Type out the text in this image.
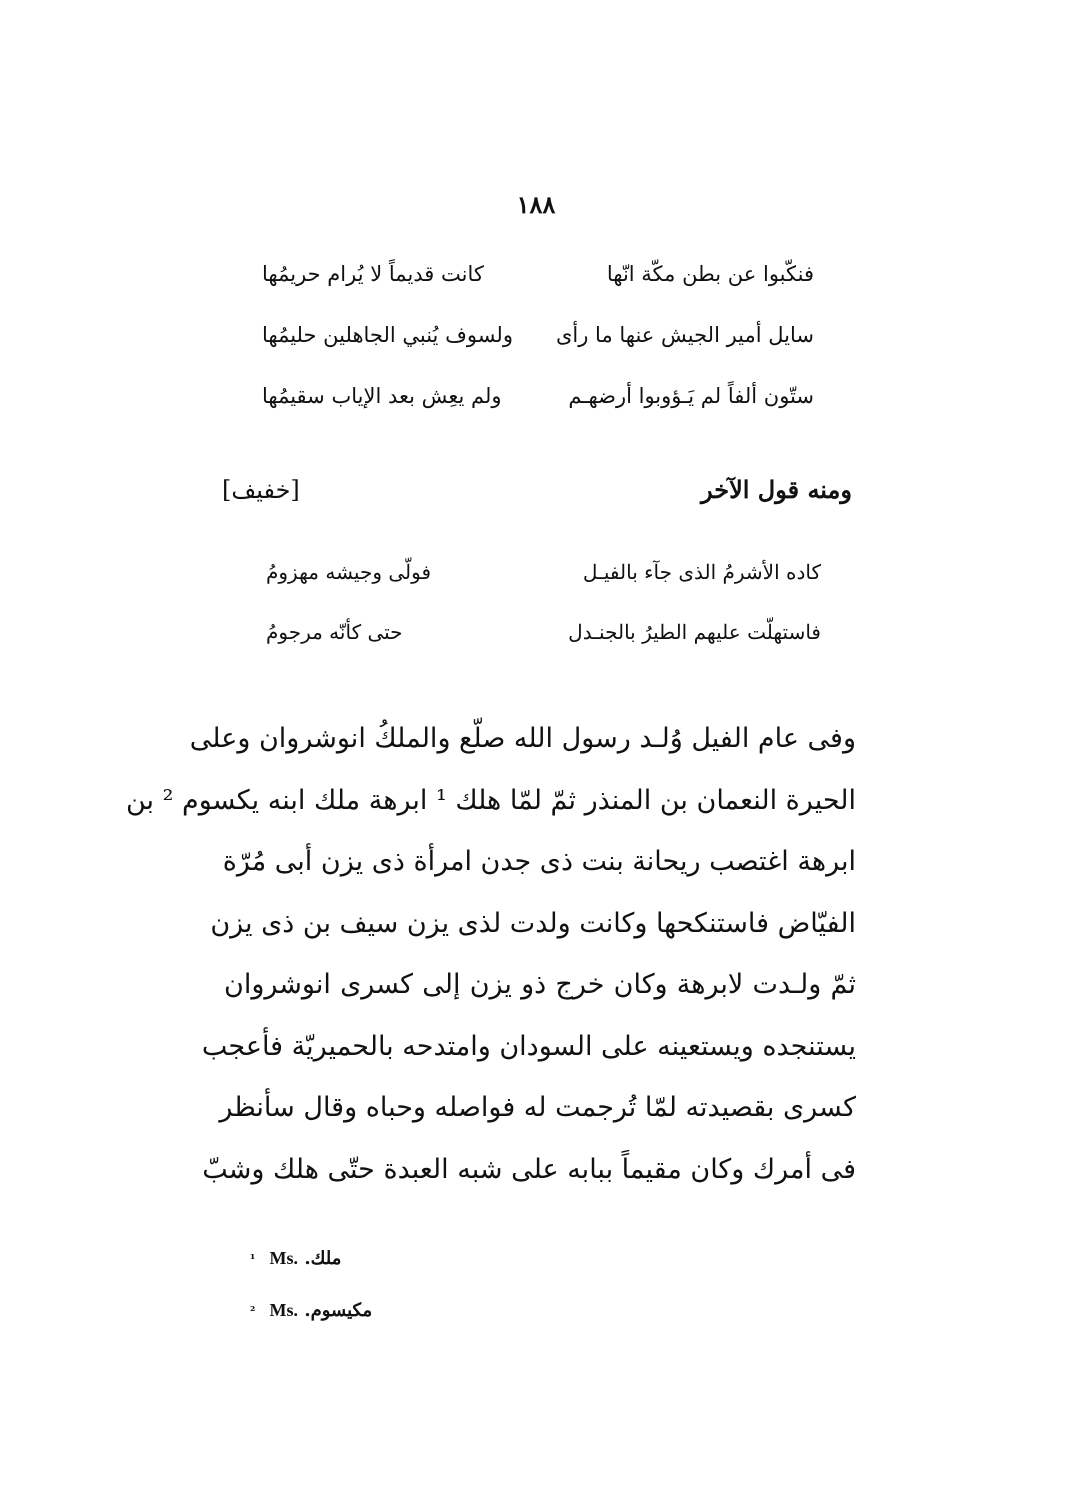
١٨٨
فنكّبوا عن بطن مكّة انّها
كانت قديماً لا يُرام حريمُها
سايل أمير الجيش عنها ما رأى
ولسوف يُنبي الجاهلين حليمُها
ستّون ألفاً لم يَـؤوبوا أرضهـم
ولم يعِش بعد الإياب سقيمُها
ومنه قول الآخر
[خفيف]
كاده الأشرمُ الذى جآء بالفيـل
فولّى وجيشه مهزومُ
فاستهلّت عليهم الطيرُ بالجنـدل
حتى كأنّه مرجومُ
وفى عام الفيل وُلـد رسول الله صلّع والملكُ انوشروان وعلى
الحيرة النعمان بن المنذر ثمّ لمّا هلك ¹ ابرهة ملك ابنه يكسوم ² بن
ابرهة اغتصب ريحانة بنت ذى جدن امرأة ذى يزن أبى مُرّة
الفيّاض فاستنكحها وكانت ولدت لذى يزن سيف بن ذى يزن
ثمّ ولـدت لابرهة وكان خرج ذو يزن إلى كسرى انوشروان
يستنجده ويستعينه على السودان وامتدحه بالحميريّة فأعجب
كسرى بقصيدته لمّا تُرجمت له فواصله وحباه وقال سأنظر
فى أمرك وكان مقيماً ببابه على شبه العبدة حتّى هلك وشبّ
¹ Ms. ملك.
² Ms. مكيسوم.
